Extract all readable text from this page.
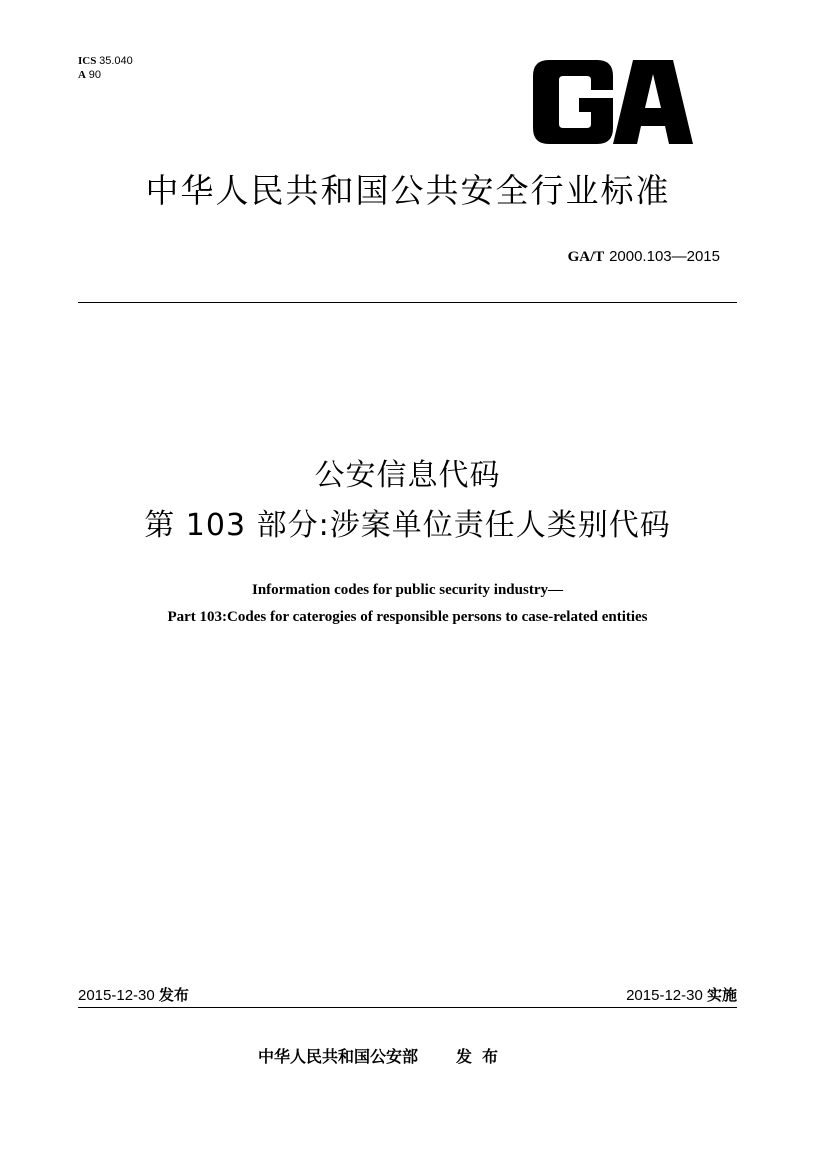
ICS 35.040
A 90
中华人民共和国公共安全行业标准
GA/T 2000.103—2015
公安信息代码
第 103 部分:涉案单位责任人类别代码
Information codes for public security industry—
Part 103:Codes for caterogies of responsible persons to case-related entities
2015-12-30 发布	2015-12-30 实施
中华人民共和国公安部 发布
